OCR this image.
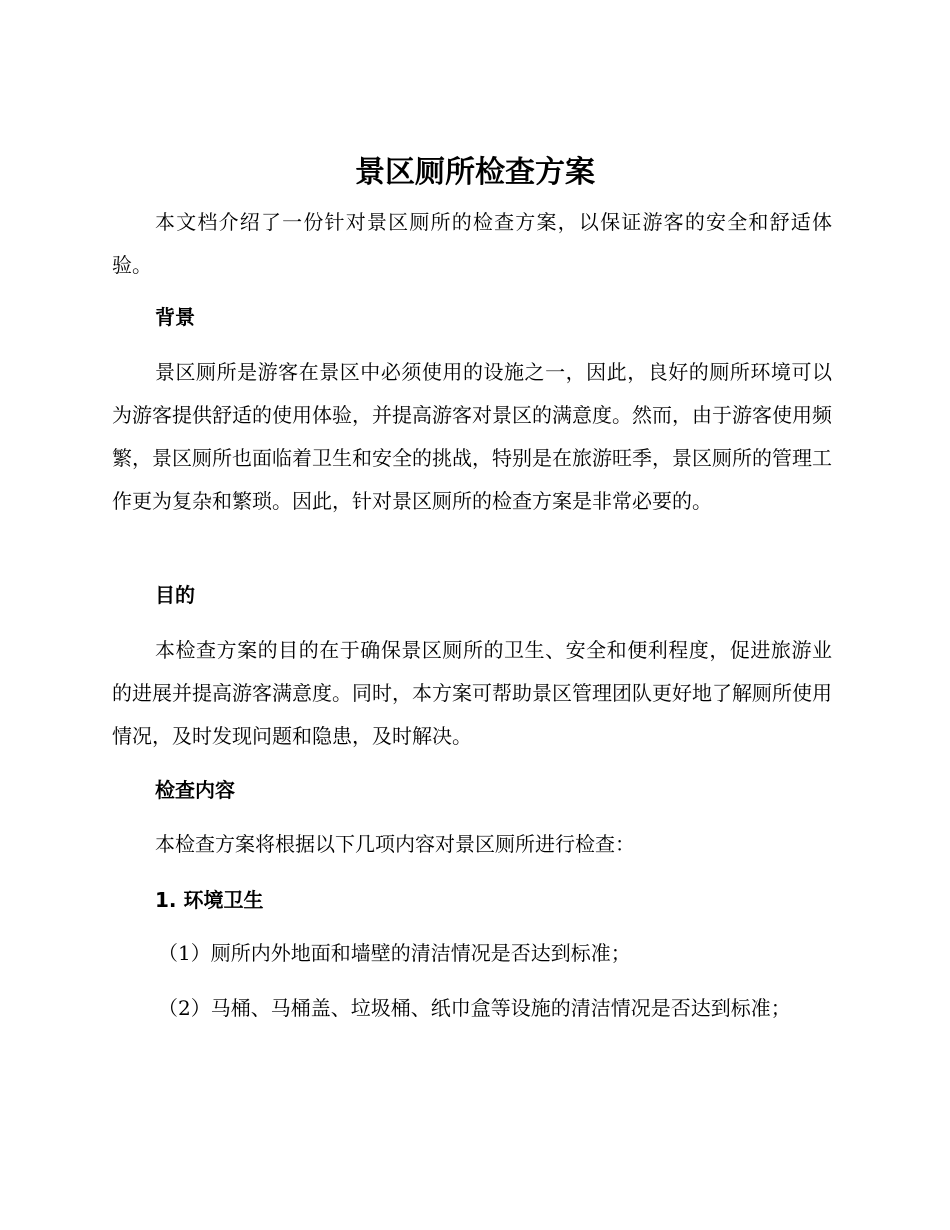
景区厕所检查方案

本文档介绍了一份针对景区厕所的检查方案，以保证游客的安全和舒适体验。

背景

景区厕所是游客在景区中必须使用的设施之一，因此，良好的厕所环境可以为游客提供舒适的使用体验，并提高游客对景区的满意度。然而，由于游客使用频繁，景区厕所也面临着卫生和安全的挑战，特别是在旅游旺季，景区厕所的管理工作更为复杂和繁琐。因此，针对景区厕所的检查方案是非常必要的。

目的

本检查方案的目的在于确保景区厕所的卫生、安全和便利程度，促进旅游业的进展并提高游客满意度。同时，本方案可帮助景区管理团队更好地了解厕所使用情况，及时发现问题和隐患，及时解决。

检查内容

本检查方案将根据以下几项内容对景区厕所进行检查：

1. 环境卫生

（1）厕所内外地面和墙壁的清洁情况是否达到标准；

（2）马桶、马桶盖、垃圾桶、纸巾盒等设施的清洁情况是否达到标准；
